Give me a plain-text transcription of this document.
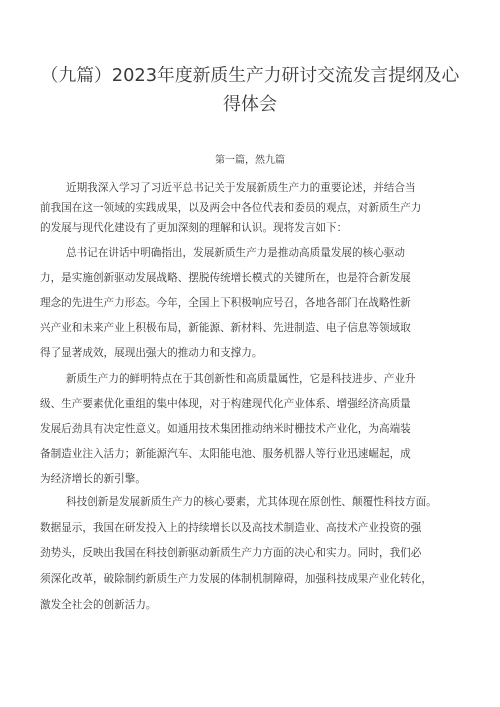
（九篇）2023年度新质生产力研讨交流发言提纲及心
得体会
第一篇，然九篇
近期我深入学习了习近平总书记关于发展新质生产力的重要论述，并结合当
前我国在这一领域的实践成果，以及两会中各位代表和委员的观点，对新质生产力
的发展与现代化建设有了更加深刻的理解和认识。现将发言如下：
总书记在讲话中明确指出，发展新质生产力是推动高质量发展的核心驱动
力，是实施创新驱动发展战略、摆脱传统增长模式的关键所在，也是符合新发展
理念的先进生产力形态。今年，全国上下积极响应号召，各地各部门在战略性新
兴产业和未来产业上积极布局，新能源、新材料、先进制造、电子信息等领域取
得了显著成效，展现出强大的推动力和支撑力。
新质生产力的鲜明特点在于其创新性和高质量属性，它是科技进步、产业升
级、生产要素优化重组的集中体现，对于构建现代化产业体系、增强经济高质量
发展后劲具有决定性意义。如通用技术集团推动纳米时栅技术产业化，为高端装
备制造业注入活力；新能源汽车、太阳能电池、服务机器人等行业迅速崛起，成
为经济增长的新引擎。
科技创新是发展新质生产力的核心要素，尤其体现在原创性、颠覆性科技方面。
数据显示，我国在研发投入上的持续增长以及高技术制造业、高技术产业投资的强
劲势头，反映出我国在科技创新驱动新质生产力方面的决心和实力。同时，我们必
须深化改革，破除制约新质生产力发展的体制机制障碍，加强科技成果产业化转化，
激发全社会的创新活力。
